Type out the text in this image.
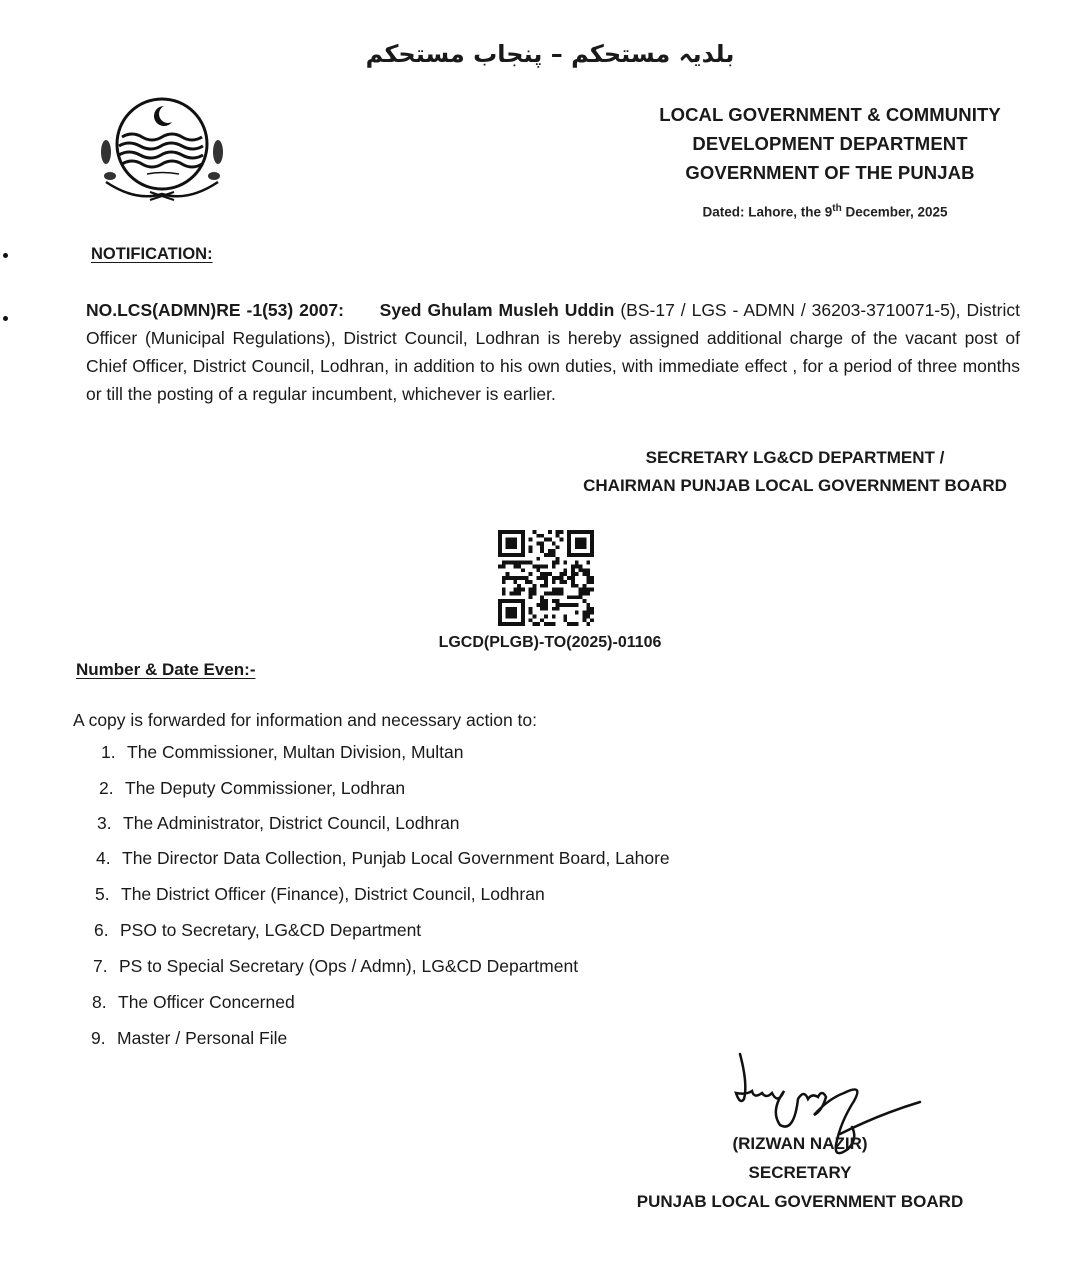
بلدیہ مستحکم – پنجاب مستحکم
LOCAL GOVERNMENT & COMMUNITY
DEVELOPMENT DEPARTMENT
GOVERNMENT OF THE PUNJAB
Dated: Lahore, the 9th December, 2025
NOTIFICATION:
NO.LCS(ADMN)RE -1(53) 2007: Syed Ghulam Musleh Uddin (BS-17 / LGS - ADMN / 36203-3710071-5), District Officer (Municipal Regulations), District Council, Lodhran is hereby assigned additional charge of the vacant post of Chief Officer, District Council, Lodhran, in addition to his own duties, with immediate effect , for a period of three months or till the posting of a regular incumbent, whichever is earlier.
SECRETARY LG&CD DEPARTMENT /
CHAIRMAN PUNJAB LOCAL GOVERNMENT BOARD
LGCD(PLGB)-TO(2025)-01106
Number & Date Even:-
A copy is forwarded for information and necessary action to:
1. The Commissioner, Multan Division, Multan
2. The Deputy Commissioner, Lodhran
3. The Administrator, District Council, Lodhran
4. The Director Data Collection, Punjab Local Government Board, Lahore
5. The District Officer (Finance), District Council, Lodhran
6. PSO to Secretary, LG&CD Department
7. PS to Special Secretary (Ops / Admn), LG&CD Department
8. The Officer Concerned
9. Master / Personal File
(RIZWAN NAZIR)
SECRETARY
PUNJAB LOCAL GOVERNMENT BOARD
